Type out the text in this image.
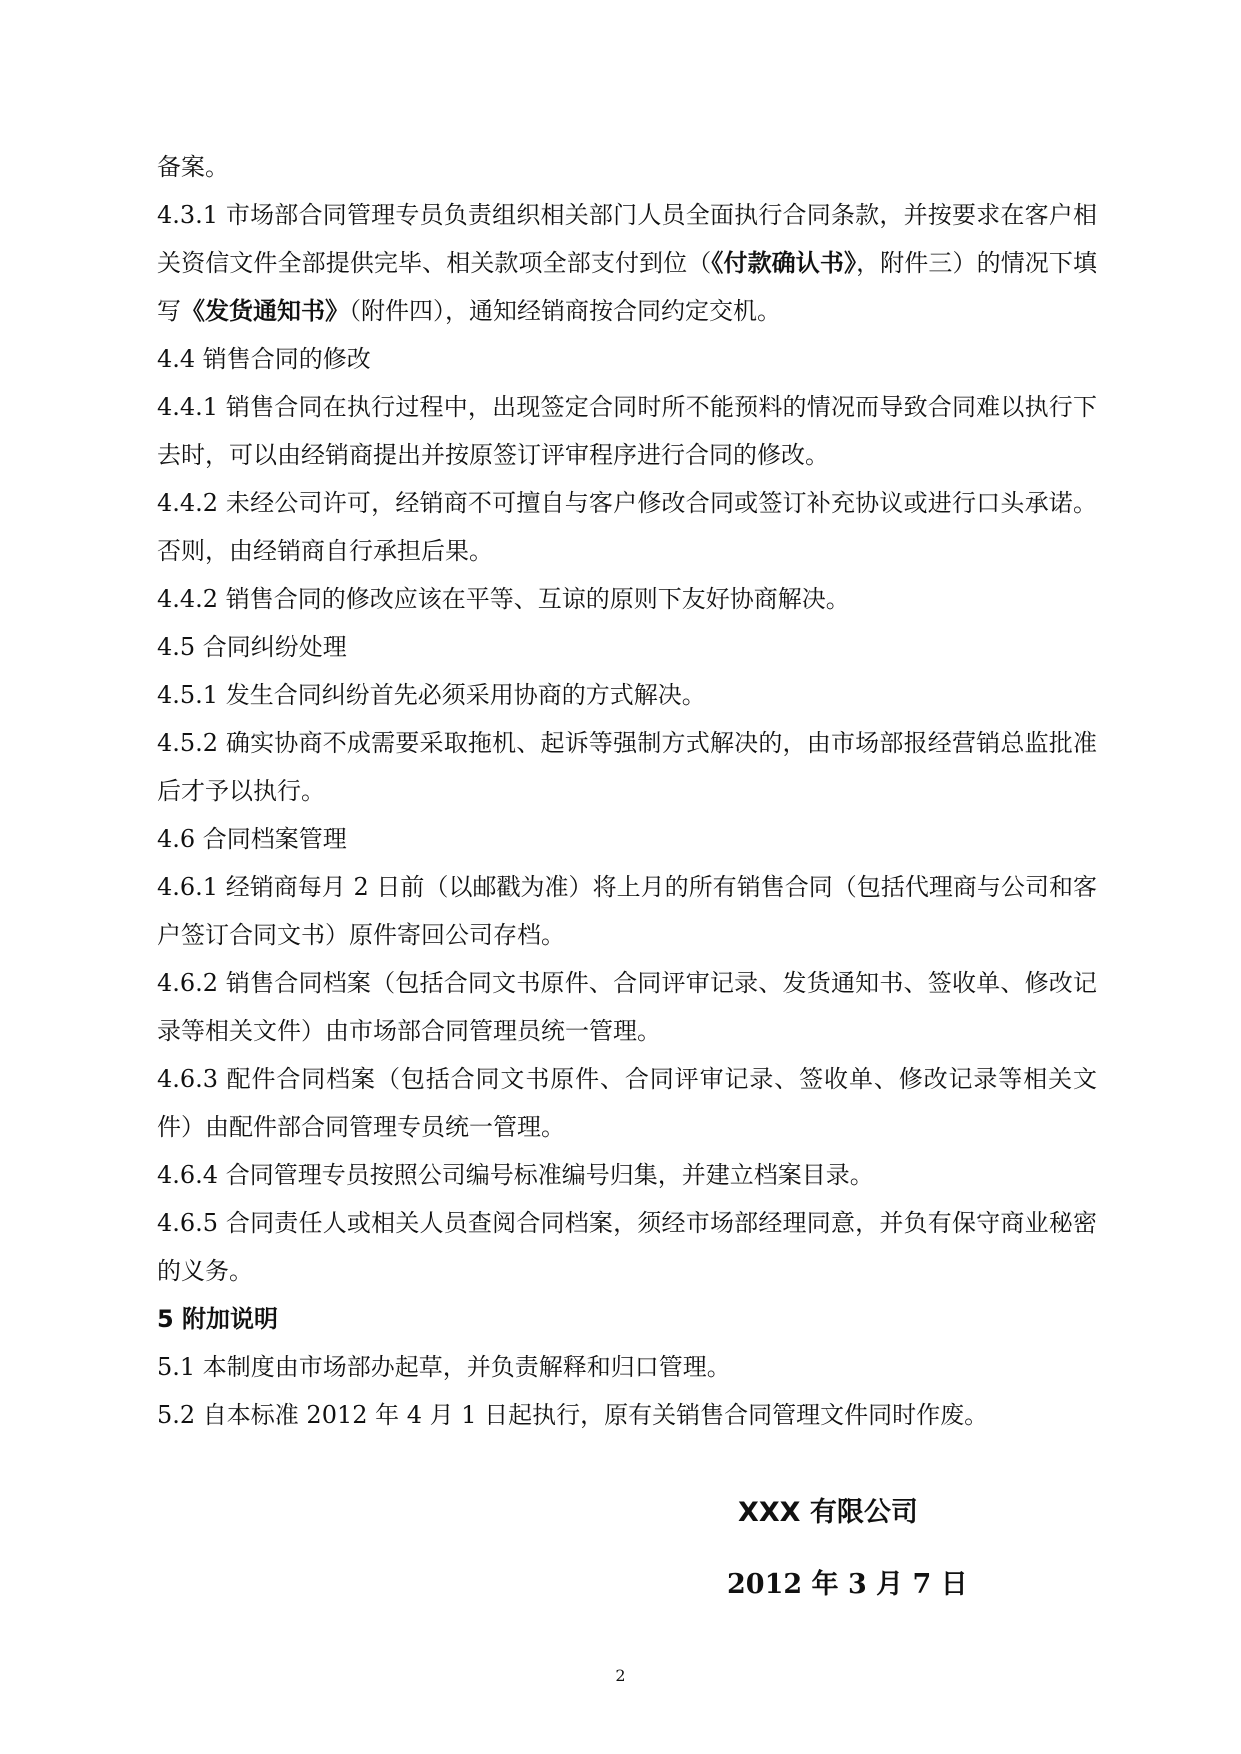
备案。

4.3.1 市场部合同管理专员负责组织相关部门人员全面执行合同条款，并按要求在客户相关资信文件全部提供完毕、相关款项全部支付到位（《付款确认书》，附件三）的情况下填写《发货通知书》（附件四），通知经销商按合同约定交机。

4.4 销售合同的修改

4.4.1 销售合同在执行过程中，出现签定合同时所不能预料的情况而导致合同难以执行下去时，可以由经销商提出并按原签订评审程序进行合同的修改。

4.4.2 未经公司许可，经销商不可擅自与客户修改合同或签订补充协议或进行口头承诺。否则，由经销商自行承担后果。

4.4.2 销售合同的修改应该在平等、互谅的原则下友好协商解决。

4.5 合同纠纷处理

4.5.1 发生合同纠纷首先必须采用协商的方式解决。

4.5.2 确实协商不成需要采取拖机、起诉等强制方式解决的，由市场部报经营销总监批准后才予以执行。

4.6 合同档案管理

4.6.1 经销商每月 2 日前（以邮戳为准）将上月的所有销售合同（包括代理商与公司和客户签订合同文书）原件寄回公司存档。

4.6.2 销售合同档案（包括合同文书原件、合同评审记录、发货通知书、签收单、修改记录等相关文件）由市场部合同管理员统一管理。

4.6.3 配件合同档案（包括合同文书原件、合同评审记录、签收单、修改记录等相关文件）由配件部合同管理专员统一管理。

4.6.4 合同管理专员按照公司编号标准编号归集，并建立档案目录。

4.6.5 合同责任人或相关人员查阅合同档案，须经市场部经理同意，并负有保守商业秘密的义务。

5 附加说明

5.1 本制度由市场部办起草，并负责解释和归口管理。

5.2 自本标准 2012 年 4 月 1 日起执行，原有关销售合同管理文件同时作废。

XXX 有限公司
2012 年 3 月 7 日
2
